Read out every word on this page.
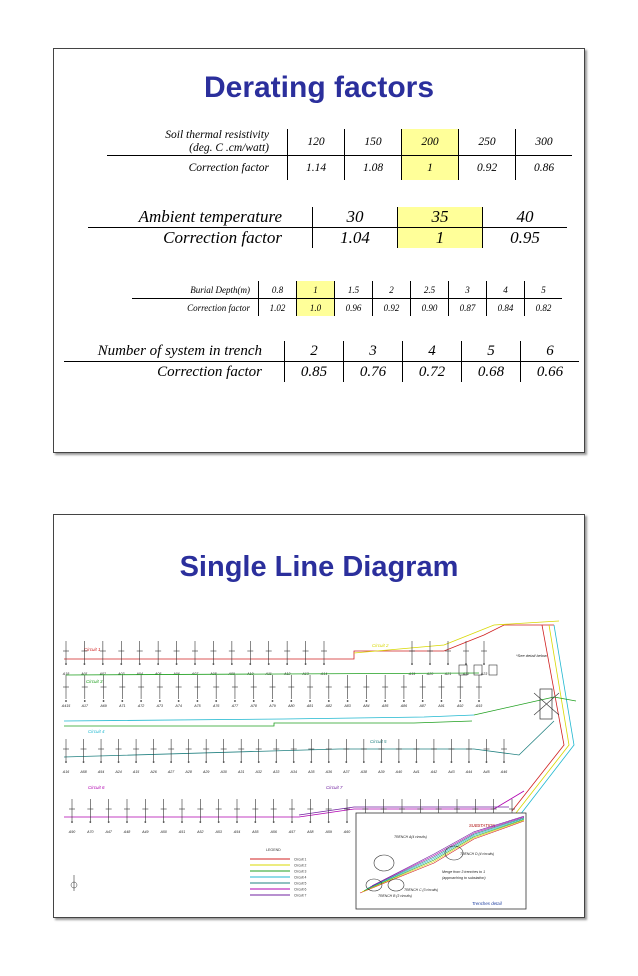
Derating factors
Soil thermal resistivity
(deg. C .cm/watt)	120	150	200	250	300
Correction factor	1.14	1.08	1	0.92	0.86
Ambient temperature	30	35	40
Correction factor	1.04	1	0.95
Burial Depth(m)	0.8	1	1.5	2	2.5	3	4	5
Correction factor	1.02	1.0	0.96	0.92	0.90	0.87	0.84	0.82
Number of system in trench	2	3	4	5	6
Correction factor	0.85	0.76	0.72	0.68	0.66
Single Line Diagram
Circuit 1
Circuit 2
Circuit 3
Circuit 4
Circuit 5
Circuit 6	Circuit 7
A18	A01	A02	A03	A04	A05	A06	A19	A20	A21	A22	A23
A415	A17	A69	A71	A72	A73	A74	A75	A76	A77	A78	A79	A80	A81	A82	A83	A84	A85	A86	A87	A91	A92	A93
A16	A58	A54	A24	A15	A26	A27	A28	A29	A30	A31	A32	A33	A34	A35	A36	A37	A38	A39	A40	A41	A42	A43	A44	A45	A46
A90	A70	A47	A48	A49	A50	A51	A52	A53	A54	A55	A56	A57	A58	A59	A60
*See detail below
LEGEND
Circuit 1
Circuit 2
Circuit 3
Circuit 4
Circuit 5
Circuit 6
Circuit 7
SUBSTATION
TRENCH A(4 circuits)
TRENCH D (4 circuits)
Merge from 3 trenches to 1
(approaching to substation)
TRENCH C (3 circuits)
TRENCH B (3 circuits)
Trenches detail
